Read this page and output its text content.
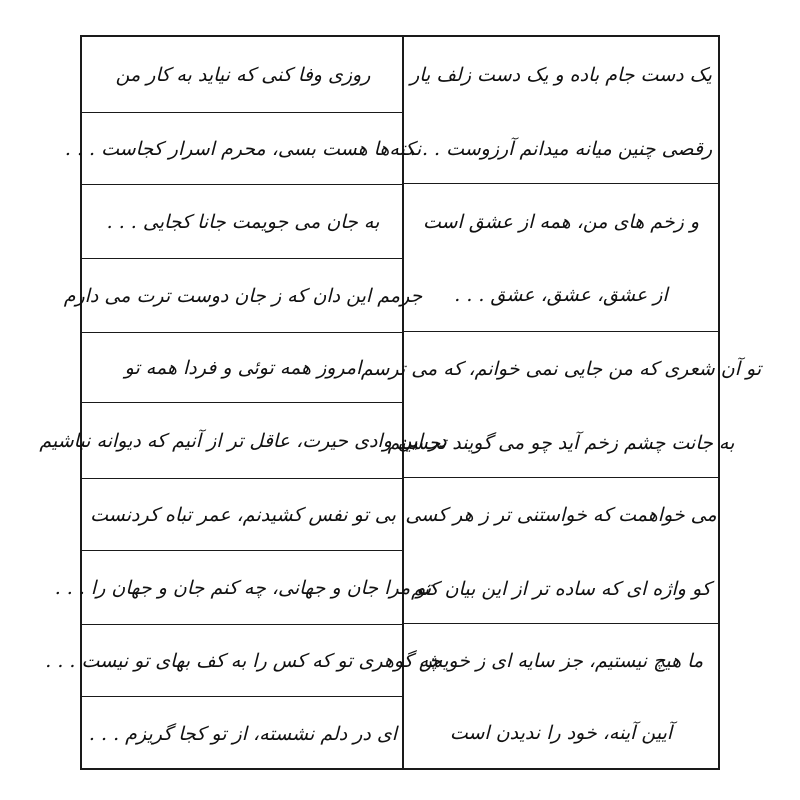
یک دست جام باده و یک دست زلف یار
رقصی چنین میانه میدانم آرزوست . . .
و زخم های من، همه از عشق است
از عشق، عشق، عشق . . .
تو آن شعری که من جایی نمی خوانم، که می ترسم
به جانت چشم زخم آید چو می گویند تحسینم
می خواهمت که خواستنی تر ز هر کسی
کو واژه ای که ساده تر از این بیان کنم
ما هیچ نیستیم، جز سایه ای ز خویش
آیین آینه، خود را ندیدن است
روزی وفا کنی که نیاید به کار من
نکته‌ها هست بسی، محرم اسرار کجاست . . .
به جان می جویمت جانا کجایی . . .
جرمم این دان که ز جان دوست ترت می دارم
امروز همه توئی و فردا همه تو
در این وادی حیرت، عاقل تر از آنیم که دیوانه نباشیم
بی تو نفس کشیدنم، عمر تباه کردنست
تو مرا جان و جهانی، چه کنم جان و جهان را . . .
چه گوهری تو که کس را به کف بهای تو نیست . . .
ای در دلم نشسته، از تو کجا گریزم . . .
